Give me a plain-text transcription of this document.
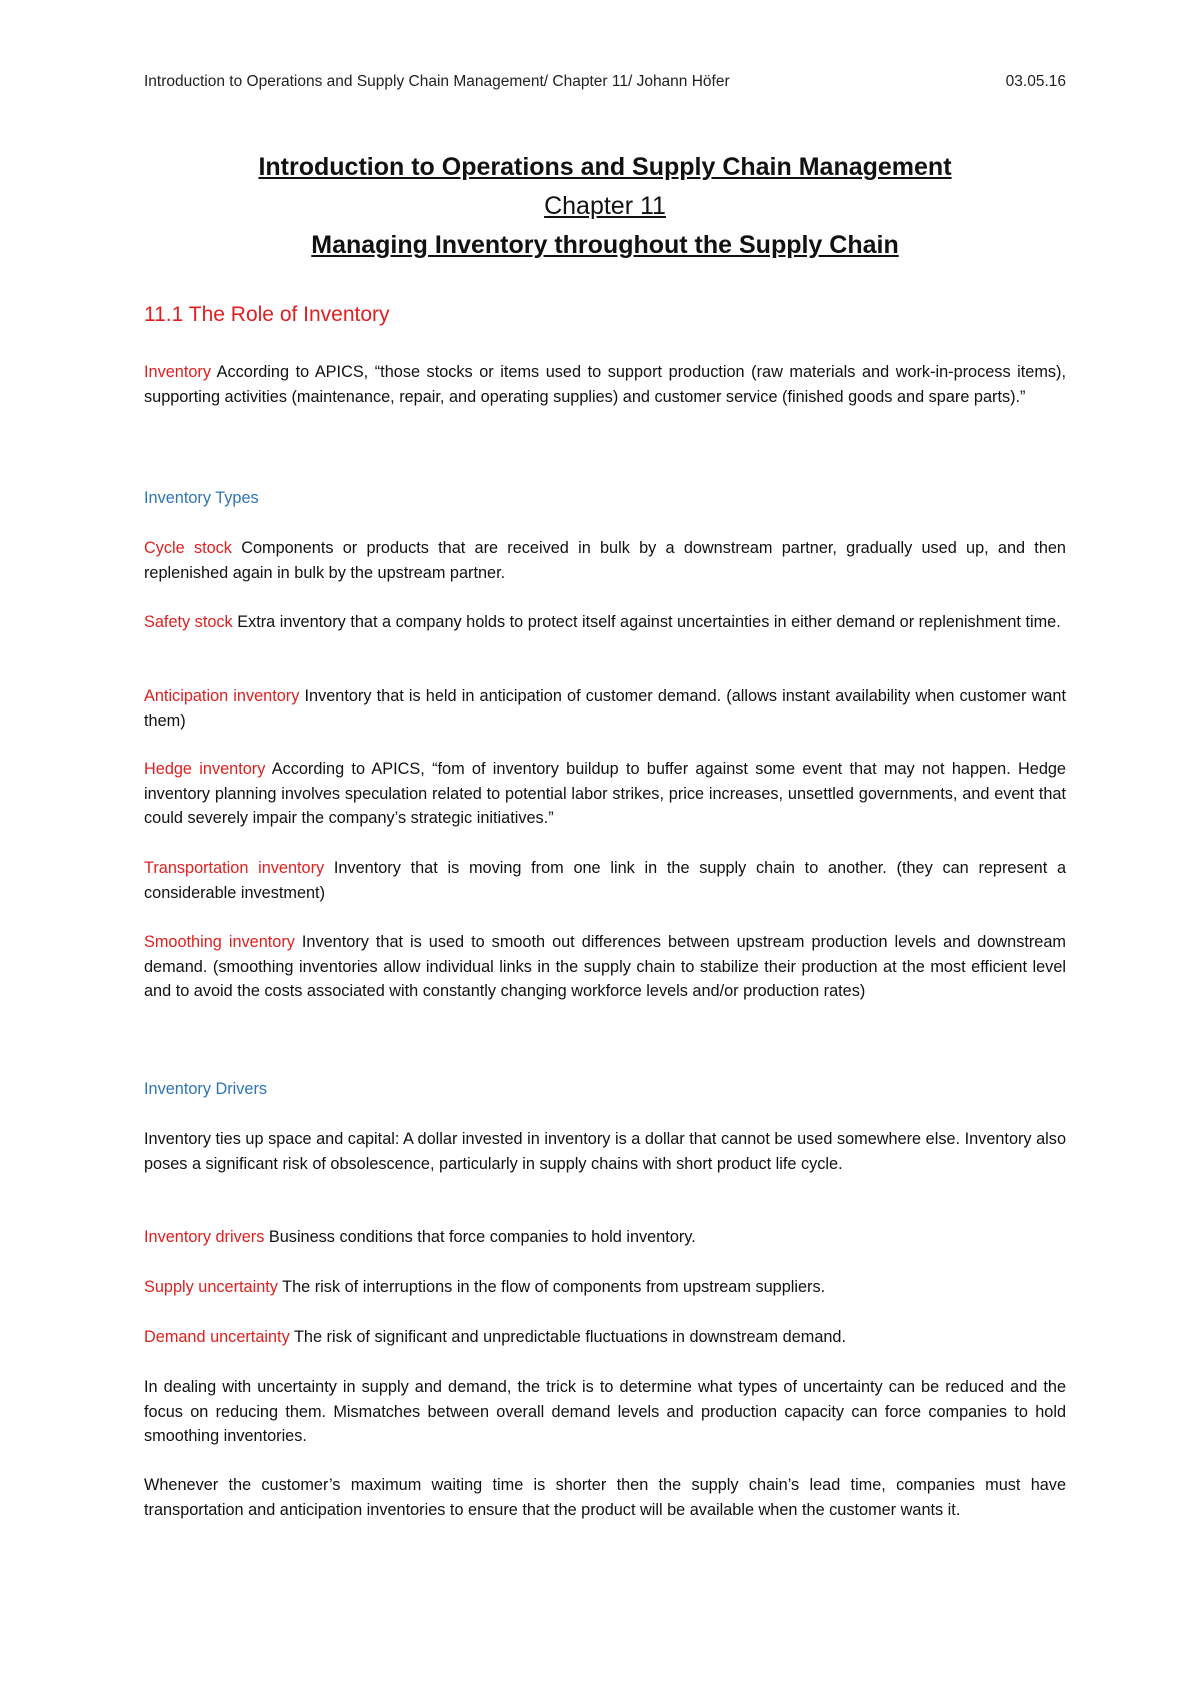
Introduction to Operations and Supply Chain Management/ Chapter 11/ Johann Höfer	03.05.16
Introduction to Operations and Supply Chain Management
Chapter 11
Managing Inventory throughout the Supply Chain
11.1 The Role of Inventory
Inventory According to APICS, “those stocks or items used to support production (raw materials and work-in-process items), supporting activities (maintenance, repair, and operating supplies) and customer service (finished goods and spare parts).”
Inventory Types
Cycle stock Components or products that are received in bulk by a downstream partner, gradually used up, and then replenished again in bulk by the upstream partner.
Safety stock Extra inventory that a company holds to protect itself against uncertainties in either demand or replenishment time.
Anticipation inventory Inventory that is held in anticipation of customer demand. (allows instant availability when customer want them)
Hedge inventory According to APICS, “fom of inventory buildup to buffer against some event that may not happen. Hedge inventory planning involves speculation related to potential labor strikes, price increases, unsettled governments, and event that could severely impair the company’s strategic initiatives.”
Transportation inventory Inventory that is moving from one link in the supply chain to another. (they can represent a considerable investment)
Smoothing inventory Inventory that is used to smooth out differences between upstream production levels and downstream demand. (smoothing inventories allow individual links in the supply chain to stabilize their production at the most efficient level and to avoid the costs associated with constantly changing workforce levels and/or production rates)
Inventory Drivers
Inventory ties up space and capital: A dollar invested in inventory is a dollar that cannot be used somewhere else. Inventory also poses a significant risk of obsolescence, particularly in supply chains with short product life cycle.
Inventory drivers Business conditions that force companies to hold inventory.
Supply uncertainty The risk of interruptions in the flow of components from upstream suppliers.
Demand uncertainty The risk of significant and unpredictable fluctuations in downstream demand.
In dealing with uncertainty in supply and demand, the trick is to determine what types of uncertainty can be reduced and the focus on reducing them. Mismatches between overall demand levels and production capacity can force companies to hold smoothing inventories.
Whenever the customer’s maximum waiting time is shorter then the supply chain’s lead time, companies must have transportation and anticipation inventories to ensure that the product will be available when the customer wants it.
